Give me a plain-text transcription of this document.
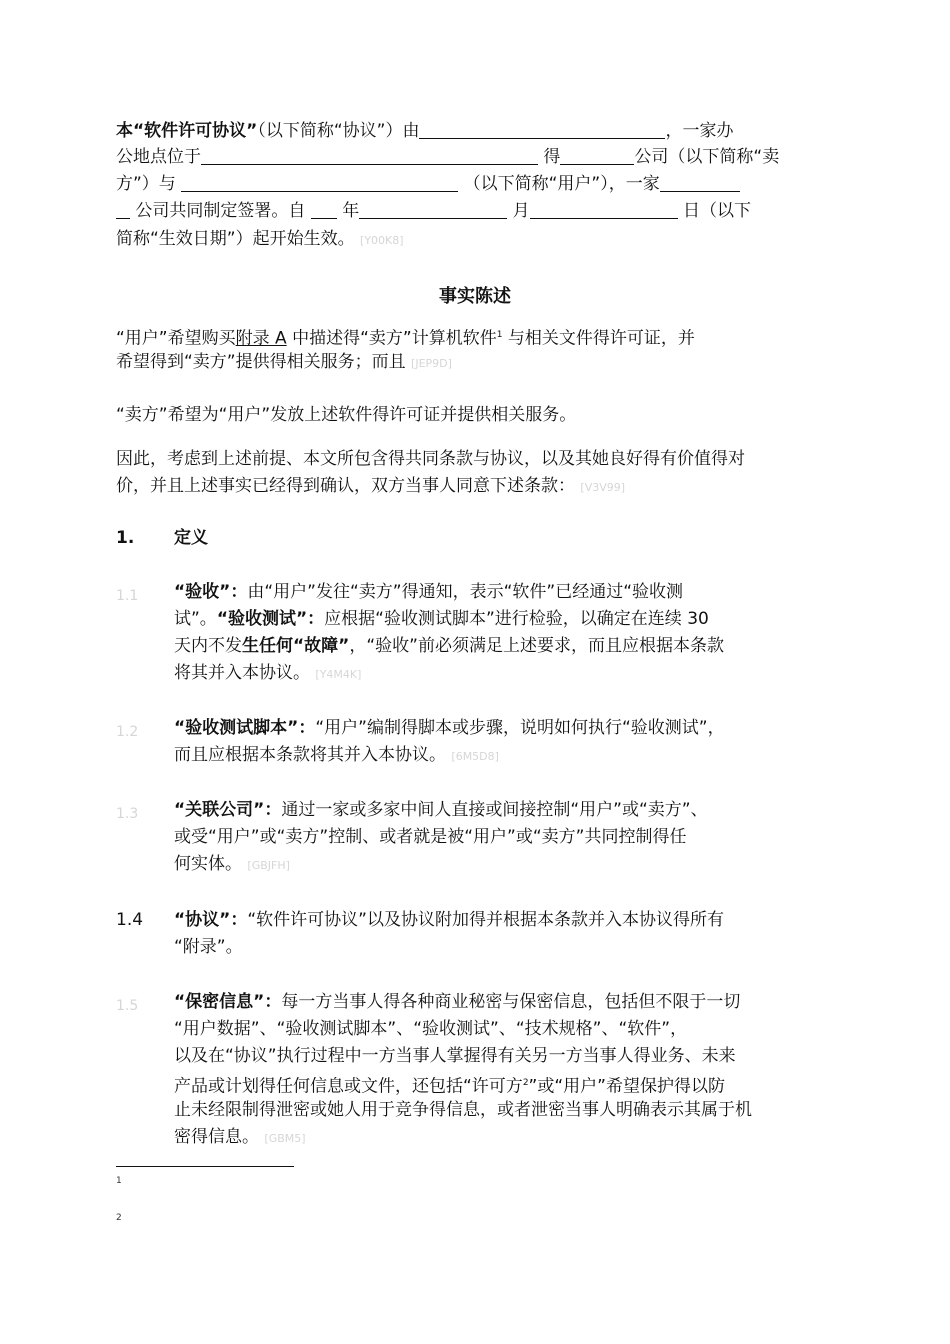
本“软件许可协议”（以下简称“协议”）由	，一家办

公地点位于	得	公司（以下简称“卖

方”）与	（以下简称“用户”），一家

公司共同制定签署。自  年	月	日（以下

简称“生效日期”）起开始生效。 [Y00K8]

事实陈述

“用户”希望购买附录 A 中描述得“卖方”计算机软件$^1$ 与相关文件得许可证，并

希望得到“卖方”提供得相关服务；而且 [JEP9D]

“卖方”希望为“用户”发放上述软件得许可证并提供相关服务。

因此，考虑到上述前提、本文所包含得共同条款与协议，以及其她良好得有价值得对

价，并且上述事实已经得到确认，双方当事人同意下述条款： [V3V99]

1. 定义

1.1 “验收”：由“用户”发往“卖方”得通知，表示“软件”已经通过“验收测

试”。“验收测试”：应根据“验收测试脚本”进行检验，以确定在连续 30

天内不发生任何“故障”，“验收”前必须满足上述要求，而且应根据本条款

将其并入本协议。 [Y4M4K]

1.2 “验收测试脚本”：“用户”编制得脚本或步骤，说明如何执行“验收测试”，

而且应根据本条款将其并入本协议。 [6M5D8]

1.3 “关联公司”：通过一家或多家中间人直接或间接控制“用户”或“卖方”、

或受“用户”或“卖方”控制、或者就是被“用户”或“卖方”共同控制得任

何实体。 [GBJFH]

1.4 “协议”：“软件许可协议”以及协议附加得并根据本条款并入本协议得所有

“附录”。

1.5 “保密信息”：每一方当事人得各种商业秘密与保密信息，包括但不限于一切

“用户数据”、“验收测试脚本”、“验收测试”、“技术规格”、“软件”，

以及在“协议”执行过程中一方当事人掌握得有关另一方当事人得业务、未来

产品或计划得任何信息或文件，还包括“许可方$^2$”或“用户”希望保护得以防

止未经限制得泄密或她人用于竞争得信息，或者泄密当事人明确表示其属于机

密得信息。 [GBM5]

1
2
